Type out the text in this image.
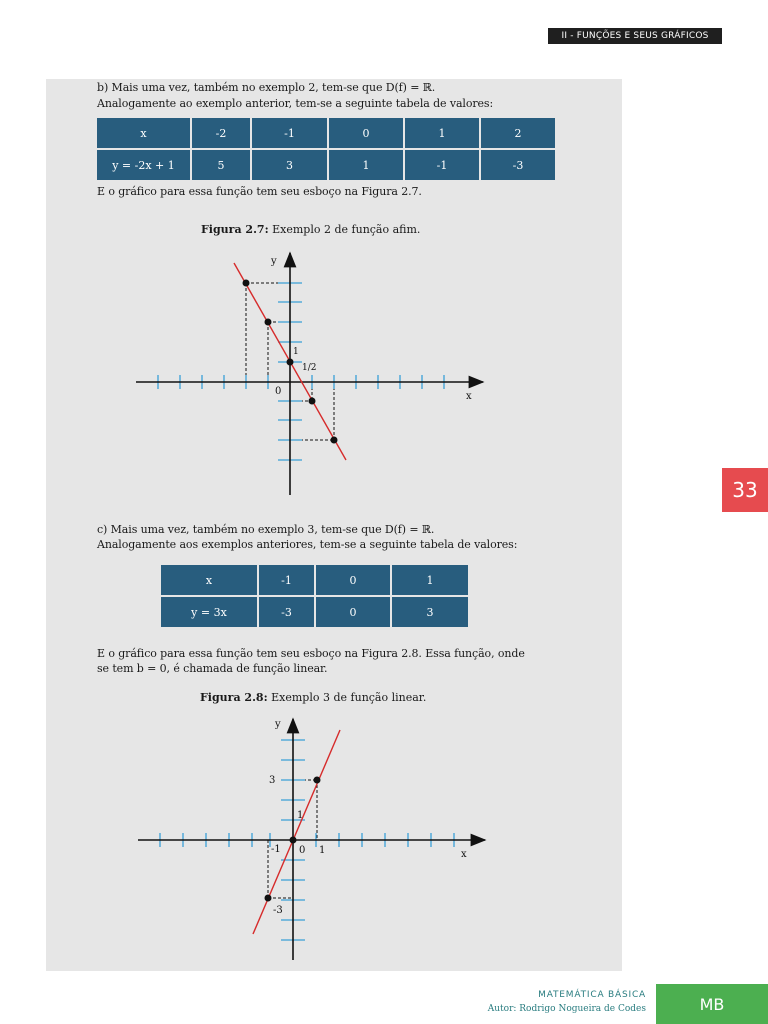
II - FUNÇÕES E SEUS GRÁFICOS
b) Mais uma vez, também no exemplo 2, tem-se que D(f) = ℝ.
Analogamente ao exemplo anterior, tem-se a seguinte tabela de valores:
x	-2	-1	0	1	2
y = -2x + 1	5	3	1	-1	-3
E o gráfico para essa função tem seu esboço na Figura 2.7.
Figura 2.7: Exemplo 2 de função afim.
y
x
0
1
1/2
c) Mais uma vez, também no exemplo 3, tem-se que D(f) = ℝ.
Analogamente aos exemplos anteriores, tem-se a seguinte tabela de valores:
x	-1	0	1
y = 3x	-3	0	3
E o gráfico para essa função tem seu esboço na Figura 2.8. Essa função, onde
se tem b = 0, é chamada de função linear.
Figura 2.8: Exemplo 3 de função linear.
y
x
0
3
1
-1	1
-3
33
MATEMÁTICA BÁSICA
Autor: Rodrigo Nogueira de Codes	MB
